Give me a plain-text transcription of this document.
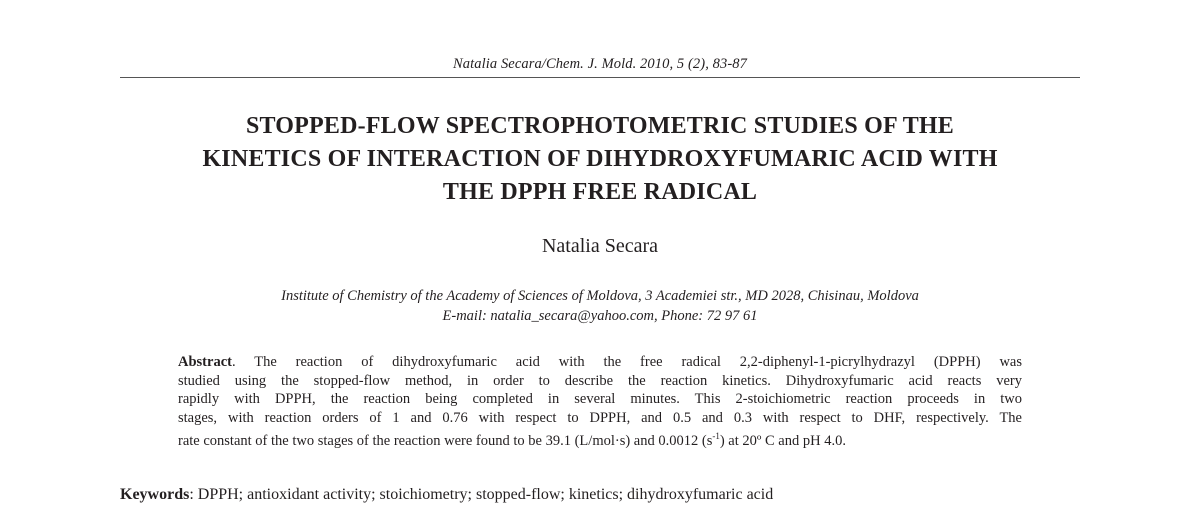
Natalia Secara/Chem. J. Mold. 2010, 5 (2), 83-87
STOPPED-FLOW SPECTROPHOTOMETRIC STUDIES OF THE
KINETICS OF INTERACTION OF DIHYDROXYFUMARIC ACID WITH
THE DPPH FREE RADICAL
Natalia Secara
Institute of Chemistry of the Academy of Sciences of Moldova, 3 Academiei str., MD 2028, Chisinau, Moldova
E-mail: natalia_secara@yahoo.com, Phone: 72 97 61
Abstract. The reaction of dihydroxyfumaric acid with the free radical 2,2-diphenyl-1-picrylhydrazyl (DPPH) was
studied using the stopped-flow method, in order to describe the reaction kinetics. Dihydroxyfumaric acid reacts very
rapidly with DPPH, the reaction being completed in several minutes. This 2-stoichiometric reaction proceeds in two
stages, with reaction orders of 1 and 0.76 with respect to DPPH, and 0.5 and 0.3 with respect to DHF, respectively. The
rate constant of the two stages of the reaction were found to be 39.1 (L/mol·s) and 0.0012 $(s^{-1})$ at 20º C and pH 4.0.
Keywords: DPPH; antioxidant activity; stoichiometry; stopped-flow; kinetics; dihydroxyfumaric acid
